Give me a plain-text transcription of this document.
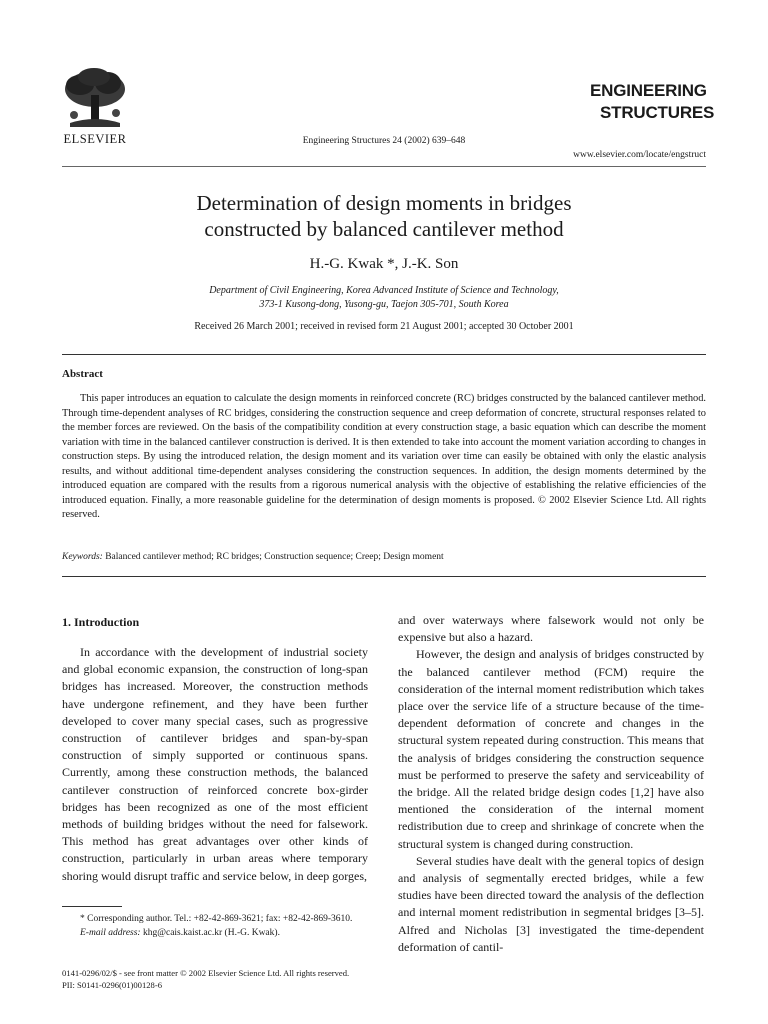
ELSEVIER	Engineering Structures 24 (2002) 639–648
ENGINEERING
STRUCTURES
www.elsevier.com/locate/engstruct
Determination of design moments in bridges
constructed by balanced cantilever method
H.-G. Kwak *, J.-K. Son
Department of Civil Engineering, Korea Advanced Institute of Science and Technology,
373-1 Kusong-dong, Yusong-gu, Taejon 305-701, South Korea
Received 26 March 2001; received in revised form 21 August 2001; accepted 30 October 2001
Abstract
This paper introduces an equation to calculate the design moments in reinforced concrete (RC) bridges constructed by the balanced cantilever method. Through time-dependent analyses of RC bridges, considering the construction sequence and creep deformation of concrete, structural responses related to the member forces are reviewed. On the basis of the compatibility condition at every construction stage, a basic equation which can describe the moment variation with time in the balanced cantilever construction is derived. It is then extended to take into account the moment variation according to changes in construction steps. By using the introduced relation, the design moment and its variation over time can easily be obtained with only the elastic analysis results, and without additional time-dependent analyses considering the construction sequences. In addition, the design moments determined by the introduced equation are compared with the results from a rigorous numerical analysis with the objective of establishing the relative efficiencies of the introduced equation. Finally, a more reasonable guideline for the determination of design moments is proposed. © 2002 Elsevier Science Ltd. All rights reserved.
Keywords: Balanced cantilever method; RC bridges; Construction sequence; Creep; Design moment
1. Introduction

In accordance with the development of industrial society and global economic expansion, the construction of long-span bridges has increased. Moreover, the construction methods have undergone refinement, and they have been further developed to cover many special cases, such as progressive construction of cantilever bridges and span-by-span construction of simply supported or continuous spans. Currently, among these construction methods, the balanced cantilever construction of reinforced concrete box-girder bridges has been recognized as one of the most efficient methods of building bridges without the need for falsework. This method has great advantages over other kinds of construction, particularly in urban areas where temporary shoring would disrupt traffic and service below, in deep gorges,

and over waterways where falsework would not only be expensive but also a hazard.

However, the design and analysis of bridges constructed by the balanced cantilever method (FCM) require the consideration of the internal moment redistribution which takes place over the service life of a structure because of the time-dependent deformation of concrete and changes in the structural system repeated during construction. This means that the analysis of bridges considering the construction sequence must be performed to preserve the safety and serviceability of the bridge. All the related bridge design codes [1,2] have also mentioned the consideration of the internal moment redistribution due to creep and shrinkage of concrete when the structural system is changed during construction.

Several studies have dealt with the general topics of design and analysis of segmentally erected bridges, while a few studies have been directed toward the analysis of the deflection and internal moment redistribution in segmental bridges [3–5]. Alfred and Nicholas [3] investigated the time-dependent deformation of cantil-

* Corresponding author. Tel.: +82-42-869-3621; fax: +82-42-869-3610.

E-mail address: khg@cais.kaist.ac.kr (H.-G. Kwak).

0141-0296/02/$ - see front matter © 2002 Elsevier Science Ltd. All rights reserved.
PII: S0141-0296(01)00128-6
